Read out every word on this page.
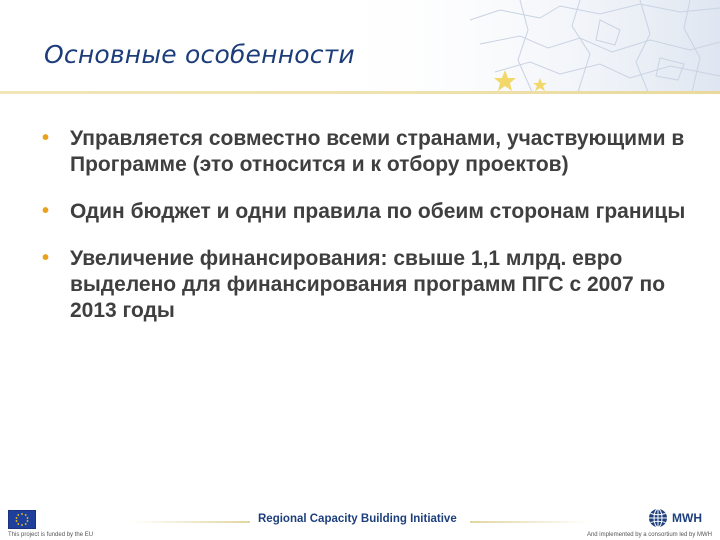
Основные особенности
• Управляется совместно всеми странами, участвующими в Программе (это относится и к отбору проектов)
• Один бюджет и одни правила по обеим сторонам границы
• Увеличение финансирования: свыше 1,1 млрд. евро выделено для финансирования программ ПГС с 2007 по 2013 годы
This project is funded by the EU
Regional Capacity Building Initiative	MWH
And implemented by a consortium led by MWH
